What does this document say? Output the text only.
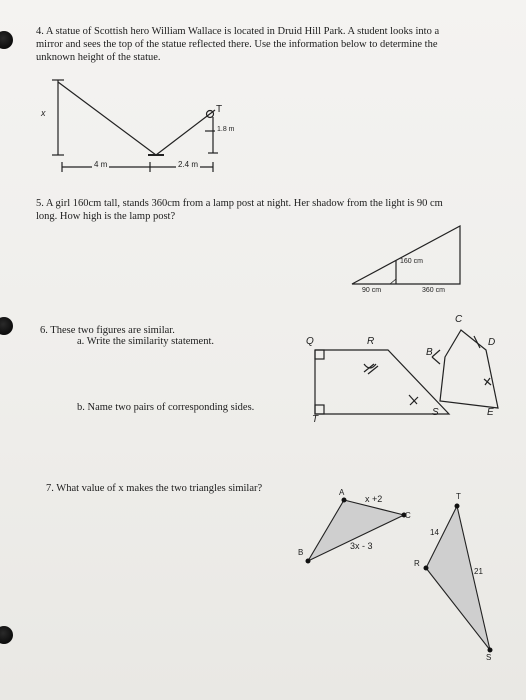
4. A statue of Scottish hero William Wallace is located in Druid Hill Park. A student looks into a
mirror and sees the top of the statue reflected there. Use the information below to determine the
unknown height of the statue.
x	T
1.8 m
4 m	2.4 m
5. A girl 160cm tall, stands 360cm from a lamp post at night. Her shadow from the light is 90 cm
long. How high is the lamp post?
160 cm
90 cm	360 cm
6. These two figures are similar.
a. Write the similarity statement.
b. Name two pairs of corresponding sides.
Q	R
T
B
C
D
S	E
7. What value of x makes the two triangles similar?	A
C
B
T
R
S
x +2
3x - 3
14
21
